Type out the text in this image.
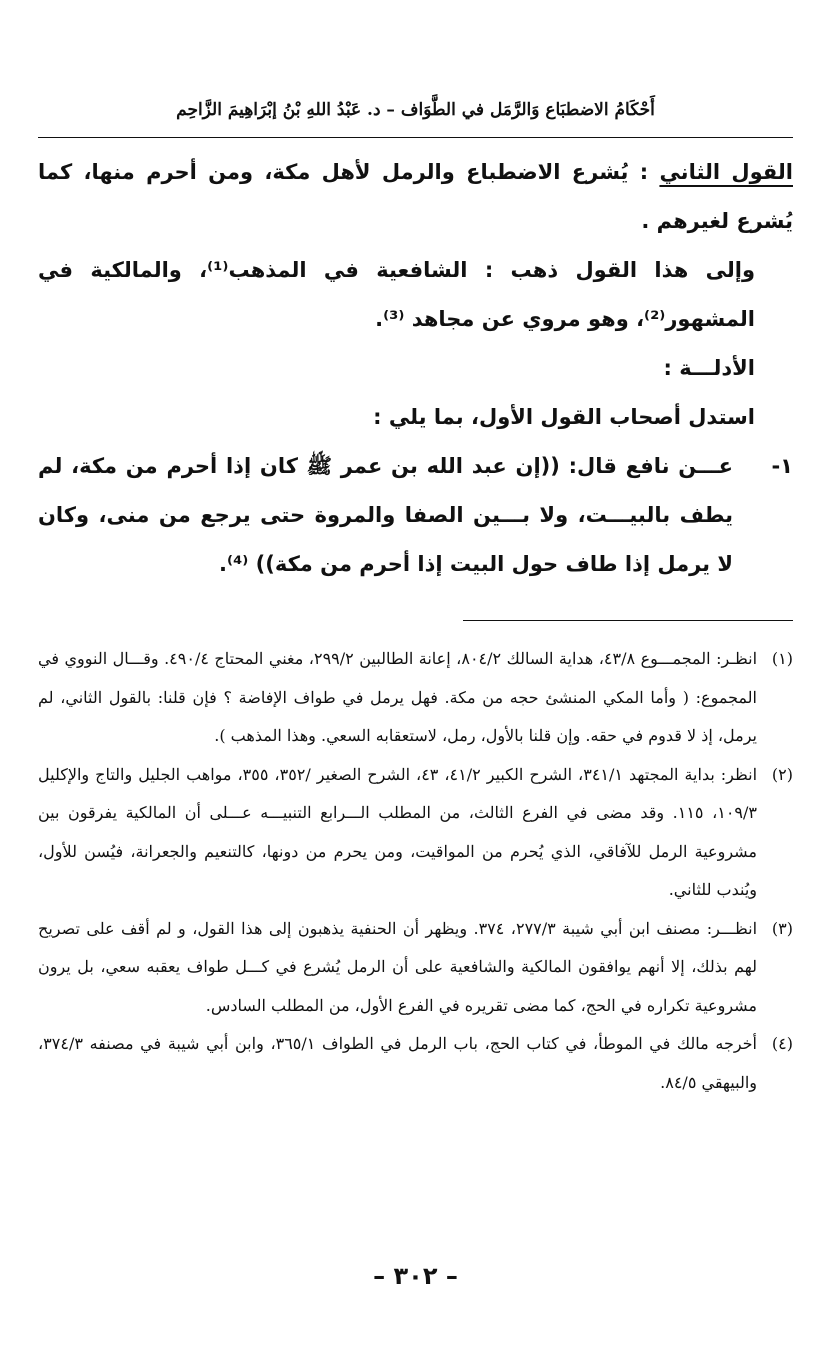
أَحْكَامُ الاضطبَاع وَالرَّمَل في الطَّوَاف – د. عَبْدُ اللهِ بْنُ إبْرَاهِيمَ الزَّاحِم

القول الثاني : يُشرع الاضطباع والرمل لأهل مكة، ومن أحرم منها، كما يُشرع لغيرهم .

وإلى هذا القول ذهب : الشافعية في المذهب⁽¹⁾، والمالكية في المشهور⁽²⁾، وهو مروي عن مجاهد ⁽³⁾.

الأدلـــة :

استدل أصحاب القول الأول، بما يلي :

١-
عـــن نافع قال: ((إن عبد الله بن عمر ﷺ كان إذا أحرم من مكة، لم يطف بالبيـــت، ولا بـــين الصفا والمروة حتى يرجع من منى، وكان لا يرمل إذا طاف حول البيت إذا أحرم من مكة)) ⁽⁴⁾.
(١)
انظـر: المجمـــوع ٤٣/٨، هداية السالك ٨٠٤/٢، إعانة الطالبين ٢٩٩/٢، مغني المحتاج ٤٩٠/٤. وقـــال النووي في المجموع: ( وأما المكي المنشئ حجه من مكة. فهل يرمل في طواف الإفاضة ؟ فإن قلنا: بالقول الثاني، لم يرمل، إذ لا قدوم في حقه. وإن قلنا بالأول، رمل، لاستعقابه السعي. وهذا المذهب ).
(٢)
انظر: بداية المجتهد ٣٤١/١، الشرح الكبير ٤١/٢، ٤٣، الشرح الصغير /٣٥٢، ٣٥٥، مواهب الجليل والتاج والإكليل ١٠٩/٣، ١١٥. وقد مضى في الفرع الثالث، من المطلب الـــرابع التنبيـــه عـــلى أن المالكية يفرقون بين مشروعية الرمل للآفاقي، الذي يُحرم من المواقيت، ومن يحرم من دونها، كالتنعيم والجعرانة، فيُسن للأول، ويُندب للثاني.
(٣)
انظـــر: مصنف ابن أبي شيبة ٢٧٧/٣، ٣٧٤. ويظهر أن الحنفية يذهبون إلى هذا القول، و لم أقف على تصريح لهم بذلك، إلا أنهم يوافقون المالكية والشافعية على أن الرمل يُشرع في كـــل طواف يعقبه سعي، بل يرون مشروعية تكراره في الحج، كما مضى تقريره في الفرع الأول، من المطلب السادس.
(٤)
أخرجه مالك في الموطأ، في كتاب الحج، باب الرمل في الطواف ٣٦٥/١، وابن أبي شيبة في مصنفه ٣٧٤/٣، والبيهقي ٨٤/٥.
– ٣٠٢ –
